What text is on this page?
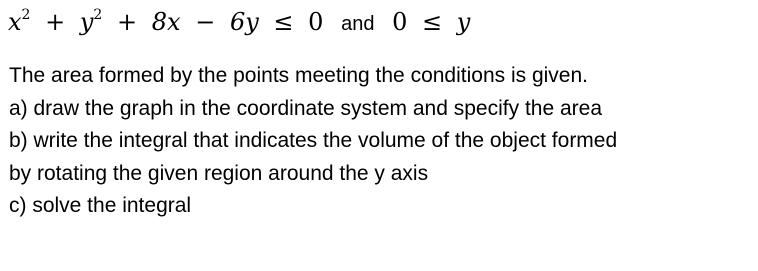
$x^2 + y^2 + 8x - 6y \le 0$ and 0 ≤ y
The area formed by the points meeting the conditions is given.
a) draw the graph in the coordinate system and specify the area
b) write the integral that indicates the volume of the object formed
by rotating the given region around the y axis
c) solve the integral
